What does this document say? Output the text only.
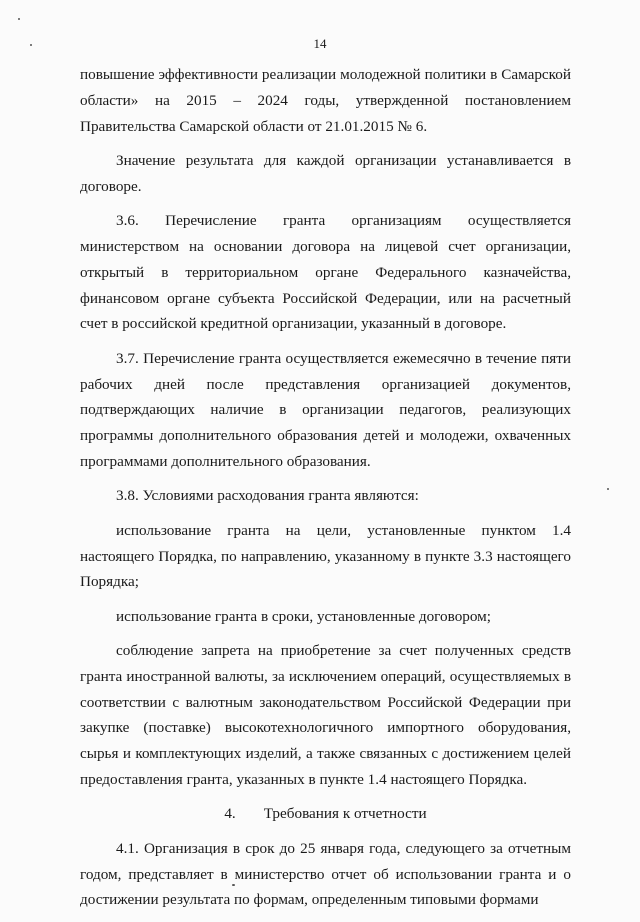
14

повышение эффективности реализации молодежной политики в Самарской области» на 2015 – 2024 годы, утвержденной постановлением Правительства Самарской области от 21.01.2015 № 6.

Значение результата для каждой организации устанавливается в договоре.

3.6. Перечисление гранта организациям осуществляется министерством на основании договора на лицевой счет организации, открытый в территориальном органе Федерального казначейства, финансовом органе субъекта Российской Федерации, или на расчетный счет в российской кредитной организации, указанный в договоре.

3.7. Перечисление гранта осуществляется ежемесячно в течение пяти рабочих дней после представления организацией документов, подтверждающих наличие в организации педагогов, реализующих программы дополнительного образования детей и молодежи, охваченных программами дополнительного образования.

3.8. Условиями расходования гранта являются:

использование гранта на цели, установленные пунктом 1.4 настоящего Порядка, по направлению, указанному в пункте 3.3 настоящего Порядка;

использование гранта в сроки, установленные договором;

соблюдение запрета на приобретение за счет полученных средств гранта иностранной валюты, за исключением операций, осуществляемых в соответствии с валютным законодательством Российской Федерации при закупке (поставке) высокотехнологичного импортного оборудования, сырья и комплектующих изделий, а также связанных с достижением целей предоставления гранта, указанных в пункте 1.4 настоящего Порядка.

4. Требования к отчетности

4.1. Организация в срок до 25 января года, следующего за отчетным годом, представляет в министерство отчет об использовании гранта и о достижении результата по формам, определенным типовыми формами
